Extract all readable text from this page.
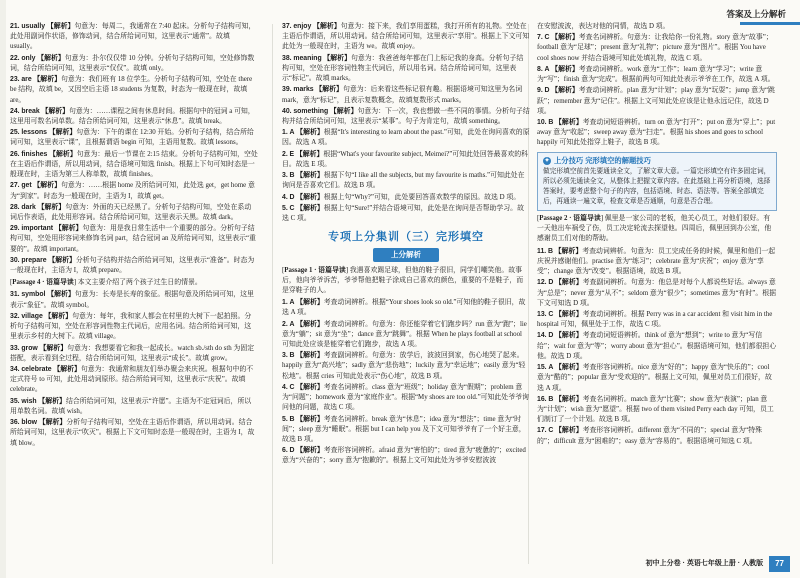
答案及上分解析
21. usually 【解析】句意为：每周二，我通常在 7:40 起床。分析句子结构可知，此处用副词作状语，修饰动词，结合所给词可知，这里表示“通常”。故填 usually。
22. only 【解析】句意为：扑尔仅仅带 10 分钟。分析句子结构可知，空处修饰数词，结合所给词可知，这里表示“仅仅”。故填 only。
23. are 【解析】句意为：我们班有 18 位学生。分析句子结构可知，空处在 there be 结构，故填 be，又因空后主语 18 students 为复数，时态为一般现在时，故填 are。
24. break 【解析】句意为：……课程之间有休息时间。根据句中的冠词 a 可知，这里用可数名词单数。结合所给词可知，这里表示“休息”。故填 break。
25. lessons 【解析】句意为：下午的课在 12:30 开始。分析句子结构，结合所给词可知，这里表示“课”，且根据谓语 begin 可知，主语用复数。故填 lessons。
26. finishes 【解析】句意为：最后一节课在 2:15 结束。分析句子结构可知，空处在主语后作谓语，所以用动词，结合语境可知选 finish。根据上下句可知时态是一般现在时，主语为第三人称单数，故填 finishes。
27. get 【解析】句意为：……根据 home 及所给词可知，此处选 get，get home 意为“到家”。时态为一般现在时，主语为 I，故填 get。
28. dark 【解析】句意为：外面的天已经黑了。分析句子结构可知，空处在系动词后作表语，此处用形容词。结合所给词可知，这里表示天黑。故填 dark。
29. important 【解析】句意为：用是我日常生活中一个重要的部分。分析句子结构可知，空处用形容词来修饰名词 part，结合冠词 an 及所给词可知，这里表示“重要的”。故填 important。
30. prepare 【解析】分析句子结构并结合所给词可知，这里表示“准备”。时态为一般现在时，主语为 I，故填 prepare。
[Passage 4 · 语篇导读] 本文主要介绍了两个孩子过生日的情景。
31. symbol 【解析】句意为：长寿是长寿的象征。根据句意及所给词可知，这里表示“象征”。故填 symbol。
32. village 【解析】句意为：每年，我和家人都会在村里的大树下一起拍照。分析句子结构可知，空处在形容词性物主代词后，应用名词。结合所给词可知，这里表示乡村的大树下。故填 village。
33. grow 【解析】句意为：我想要看它和我一起成长。watch sb./sth do sth 为固定搭配，表示看到全过程，结合所给词可知，这里表示“成长”。故填 grow。
34. celebrate 【解析】句意为：我通常和朋友们举办聚会来庆祝。根据句中的不定式符号 to 可知，此处用动词原形。结合所给词可知，这里表示“庆祝”。故填 celebrate。
35. wish 【解析】结合所给词可知，这里表示“许愿”。主语为不定冠词后，所以用单数名词。故填 wish。
36. blow 【解析】分析句子结构可知，空处在主语后作谓语，所以用动词。结合所给词可知，这里表示“吹灭”。根据上下文可知时态是一般现在时，主语为 I，故填 blow。
37. enjoy 【解析】句意为：接下来，我们享用蛋糕，我打开所有的礼物。空处在主语后作谓语，所以用动词。结合所给词可知，这里表示“享用”。根据上下文可知此处为一般现在时，主语为 we。故填 enjoy。
38. meaning 【解析】句意为：我爸爸每年都在门上标记我的身高。分析句子结构可知，空处在形容词性物主代词后，所以用名词。结合所给词可知，这里表示“标记”。故填 marks。
39. marks 【解析】句意为：后来看这些标记很有趣。根据语境可知这里为名词 mark，意为“标记”，且表示复数概念，故填复数形式 marks。
40. something 【解析】句意为：下一次，我也想做一些不同的事情。分析句子结构并结合所给词可知，这里表示“某事”。句子为肯定句，故填 something。
1. A 【解析】根据“It's interesting to learn about the past.”可知，此处在询问喜欢的原因。故选 A 项。
2. E 【解析】根据“What's your favourite subject, Meimei?”可知此处回答最喜欢的科目。故选 E 项。
3. B 【解析】根据下句“I like all the subjects, but my favourite is maths.”可知此处在询问是否喜欢它们。故选 B 项。
4. D 【解析】根据上句“Why?”可知，此处要回答喜欢数学的原因。故选 D 项。
5. C 【解析】根据上句“Sure!”并结合语境可知，此处是在询问是否帮助学习。故选 C 项。
专项上分集训（三）完形填空
上分解析
[Passage 1 · 语篇导读] 我遇喜欢踢足球，但他的鞋子很旧，同学们嘲笑他。故事后，他向爷爷诉苦，爷爷帮他把鞋子涂成自己喜欢的颜色，重要的不是鞋子，而是穿鞋子的人。
1. A 【解析】考查动词辨析。根据“Your shoes look so old.”可知他的鞋子很旧，故选 A 项。
2. A 【解析】考查动词辨析。句意为：你还能穿着它们跑步吗？run 意为“跑”；lie 意为“躺”；sit 意为“坐”；dance 意为“跳舞”。根据 When he plays football at school 可知此处应该是能穿着它们跑步，故选 A 项。
3. B 【解析】考查副词辨析。句意为：放学后，波波回到家，伤心地哭了起来。happily 意为“高兴地”；sadly 意为“悲伤地”；luckily 意为“幸运地”；easily 意为“轻松地”。根据 cries 可知此处表示“伤心地”，故选 B 项。
4. C 【解析】考查名词辨析。class 意为“班级”；holiday 意为“假期”；problem 意为“问题”；homework 意为“家庭作业”。根据“My shoes are too old.”可知此处爷爷询问他的问题，故选 C 项。
5. B 【解析】考查名词辨析。break 意为“休息”；idea 意为“想法”；time 意为“时间”；sleep 意为“睡眠”。根据 but I can help you 及下文可知爷爷有了一个好主意，故选 B 项。
6. D 【解析】考查形容词辨析。afraid 意为“害怕的”；tired 意为“疲惫的”；excited 意为“兴奋的”；sorry 意为“抱歉的”。根据上文可知此处为爷爷安慰波波
在安慰波波，表达对他的同情，故选 D 项。
7. C 【解析】考查名词辨析。句意为：让我给你一份礼物。story 意为“故事”；football 意为“足球”；present 意为“礼物”；picture 意为“图片”。根据 You have cool shoes now 并结合语境可知此处填礼物，故选 C 项。
8. A 【解析】考查动词辨析。work 意为“工作”；learn 意为“学习”；write 意为“写”；finish 意为“完成”。根据前两句可知此处表示爷爷在工作，故选 A 项。
9. D 【解析】考查动词辨析。plan 意为“计划”；play 意为“玩耍”；jump 意为“跳跃”；remember 意为“记住”。根据上文可知此处应该是让他永远记住，故选 D 项。
10. B 【解析】考查动词短语辨析。turn on 意为“打开”；put on 意为“穿上”；put away 意为“收起”；sweep away 意为“扫走”。根据 his shoes and goes to school happily 可知此处指穿上鞋子，故选 B 项。
✦ 上分技巧 完形填空的解题技巧
做完形填空前首先要通读全文，了解文章大意。一篇完形填空有许多固定词，所以必须先通读全文，从整体上把握文章内容。在此基础上再分析语境，选择答案时，要考虑整个句子的内容，包括语境、时态、语法等。答案全部填完后，再通读一遍文章，检查文章是否通顺，句意是否合理。
[Passage 2 · 语篇导读] 佩里是一家公司的老板，他关心员工，对他们很好。有一天他出车祸受了伤，员工决定轮流去探望他。四周后，佩里回到办公室，他感谢员工们对他的帮助。
11. B 【解析】考查动词辨析。句意为：员工完成任务的时候，佩里和他们一起庆祝并感谢他们。practise 意为“练习”；celebrate 意为“庆祝”；enjoy 意为“享受”；change 意为“改变”。根据语境，故选 B 项。
12. D 【解析】考查副词辨析。句意为：他总是对每个人都说些好话。always 意为“总是”；never 意为“从不”；seldom 意为“很少”；sometimes 意为“有时”。根据下文可知选 D 项。
13. C 【解析】考查动词辨析。根据 Perry was in a car accident 和 visit him in the hospital 可知，佩里处于工作，故选 C 项。
14. D 【解析】考查动词短语辨析。think of 意为“想到”；write to 意为“写信给”；wait for 意为“等”；worry about 意为“担心”。根据语境可知，他们都很担心他。故选 D 项。
15. A 【解析】考查形容词辨析。nice 意为“好的”；happy 意为“快乐的”；cool 意为“酷的”；popular 意为“受欢迎的”。根据上文可知，佩里对员工们很好，故选 A 项。
16. B 【解析】考查名词辨析。match 意为“比赛”；show 意为“表演”；plan 意为“计划”；wish 意为“愿望”。根据 two of them visited Perry each day 可知，员工们制订了一个计划。故选 B 项。
17. C 【解析】考查形容词辨析。different 意为“不同的”；special 意为“特殊的”；difficult 意为“困难的”；easy 意为“容易的”。根据语境可知选 C 项。
初中上分卷 · 英语七年级上册 · 人教版	77
